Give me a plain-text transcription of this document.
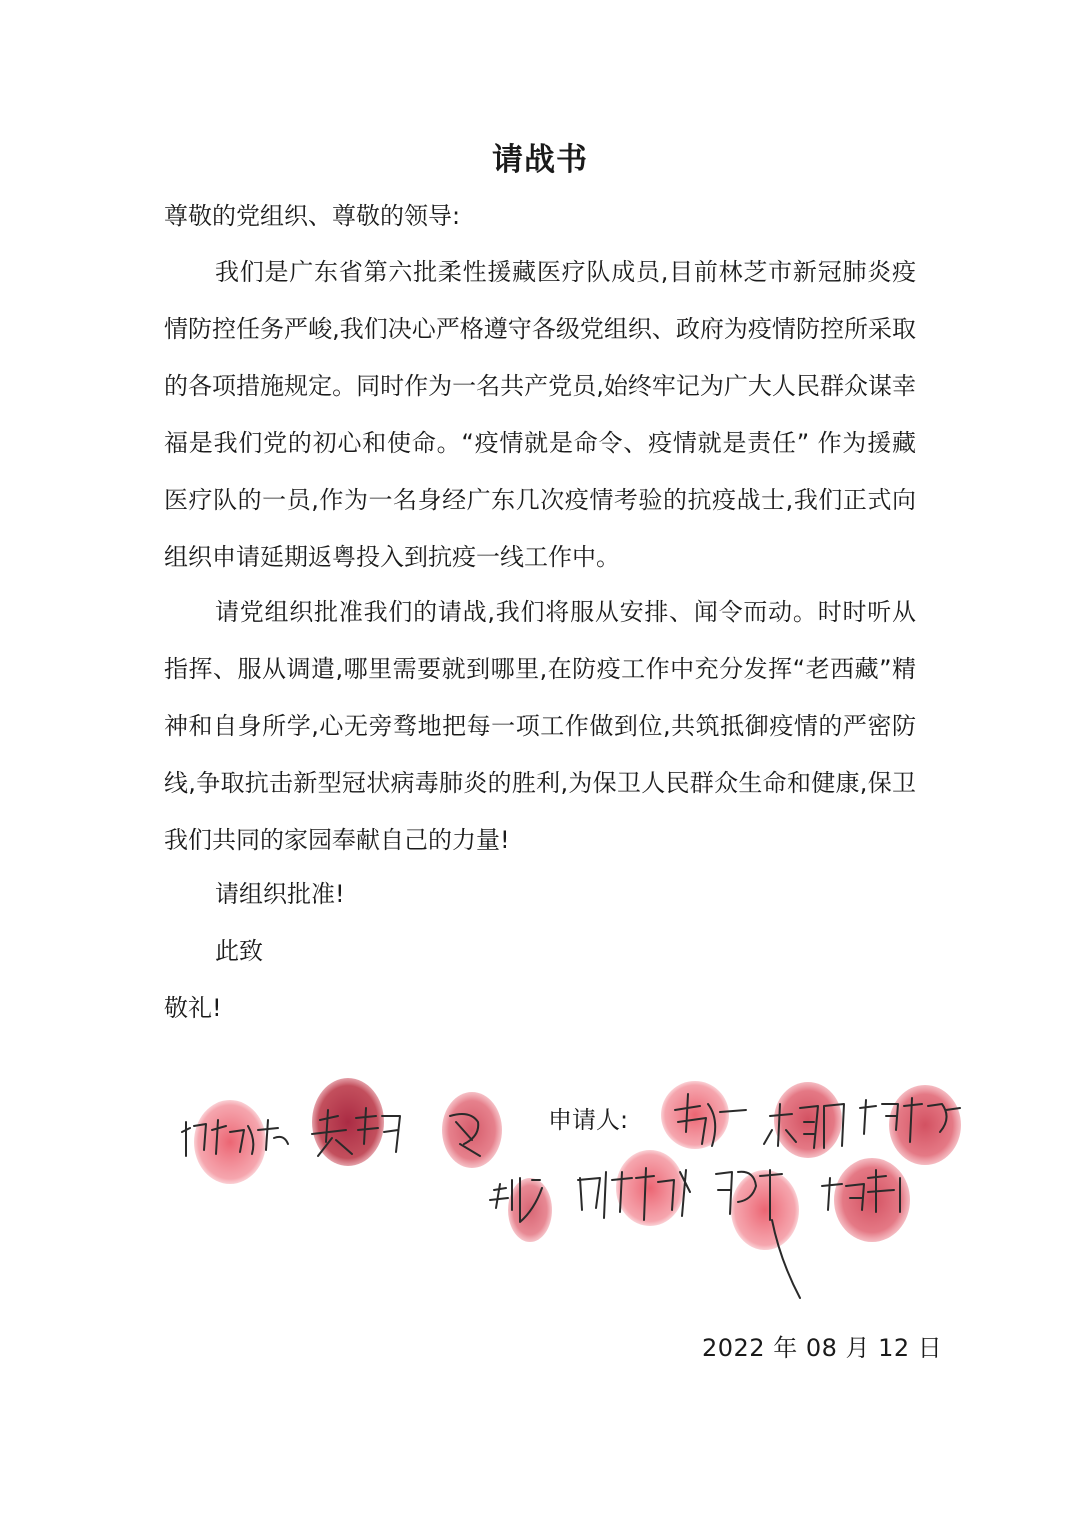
请战书

尊敬的党组织、尊敬的领导:

我们是广东省第六批柔性援藏医疗队成员,目前林芝市新冠肺炎疫情防控任务严峻,我们决心严格遵守各级党组织、政府为疫情防控所采取的各项措施规定。同时作为一名共产党员,始终牢记为广大人民群众谋幸福是我们党的初心和使命。“疫情就是命令、疫情就是责任” 作为援藏医疗队的一员,作为一名身经广东几次疫情考验的抗疫战士,我们正式向组织申请延期返粤投入到抗疫一线工作中。

请党组织批准我们的请战,我们将服从安排、闻令而动。时时听从指挥、服从调遣,哪里需要就到哪里,在防疫工作中充分发挥“老西藏”精神和自身所学,心无旁骛地把每一项工作做到位,共筑抵御疫情的严密防线,争取抗击新型冠状病毒肺炎的胜利,为保卫人民群众生命和健康,保卫我们共同的家园奉献自己的力量!

请组织批准!

此致

敬礼!

申请人:
2022 年 08 月 12 日
